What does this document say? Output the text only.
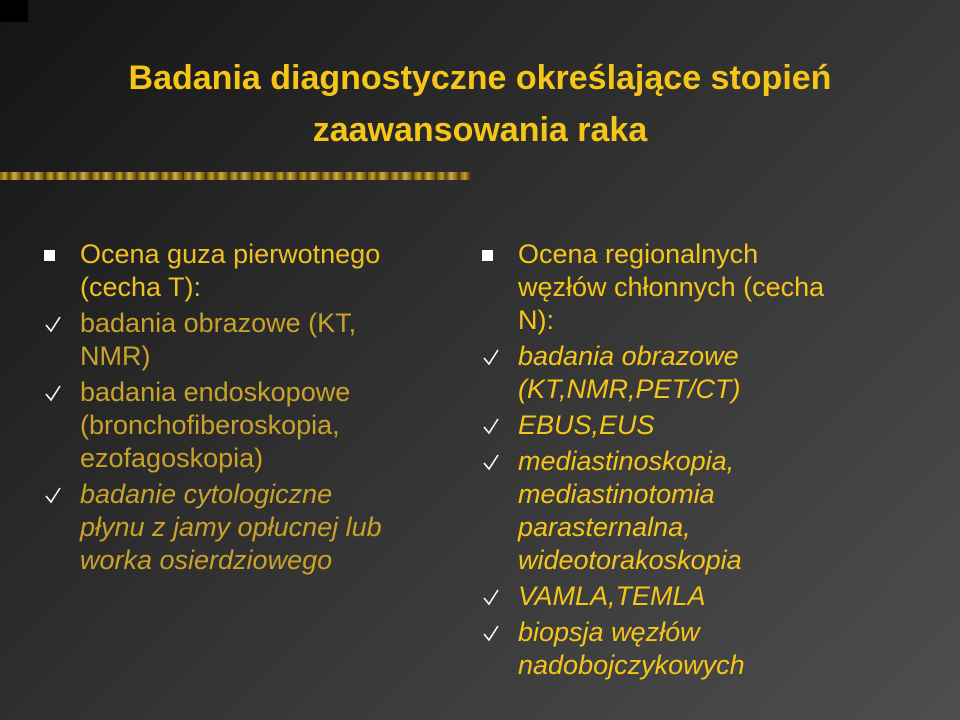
Badania diagnostyczne określające stopień
zaawansowania raka
Ocena guza pierwotnego
(cecha T):
badania obrazowe (KT,
NMR)
badania endoskopowe
(bronchofiberoskopia,
ezofagoskopia)
badanie cytologiczne
płynu z jamy opłucnej lub
worka osierdziowego
Ocena regionalnych
węzłów chłonnych (cecha
N):
badania obrazowe
(KT,NMR,PET/CT)
EBUS,EUS
mediastinoskopia,
mediastinotomia
parasternalna,
wideotorakoskopia
VAMLA,TEMLA
biopsja węzłów
nadobojczykowych
